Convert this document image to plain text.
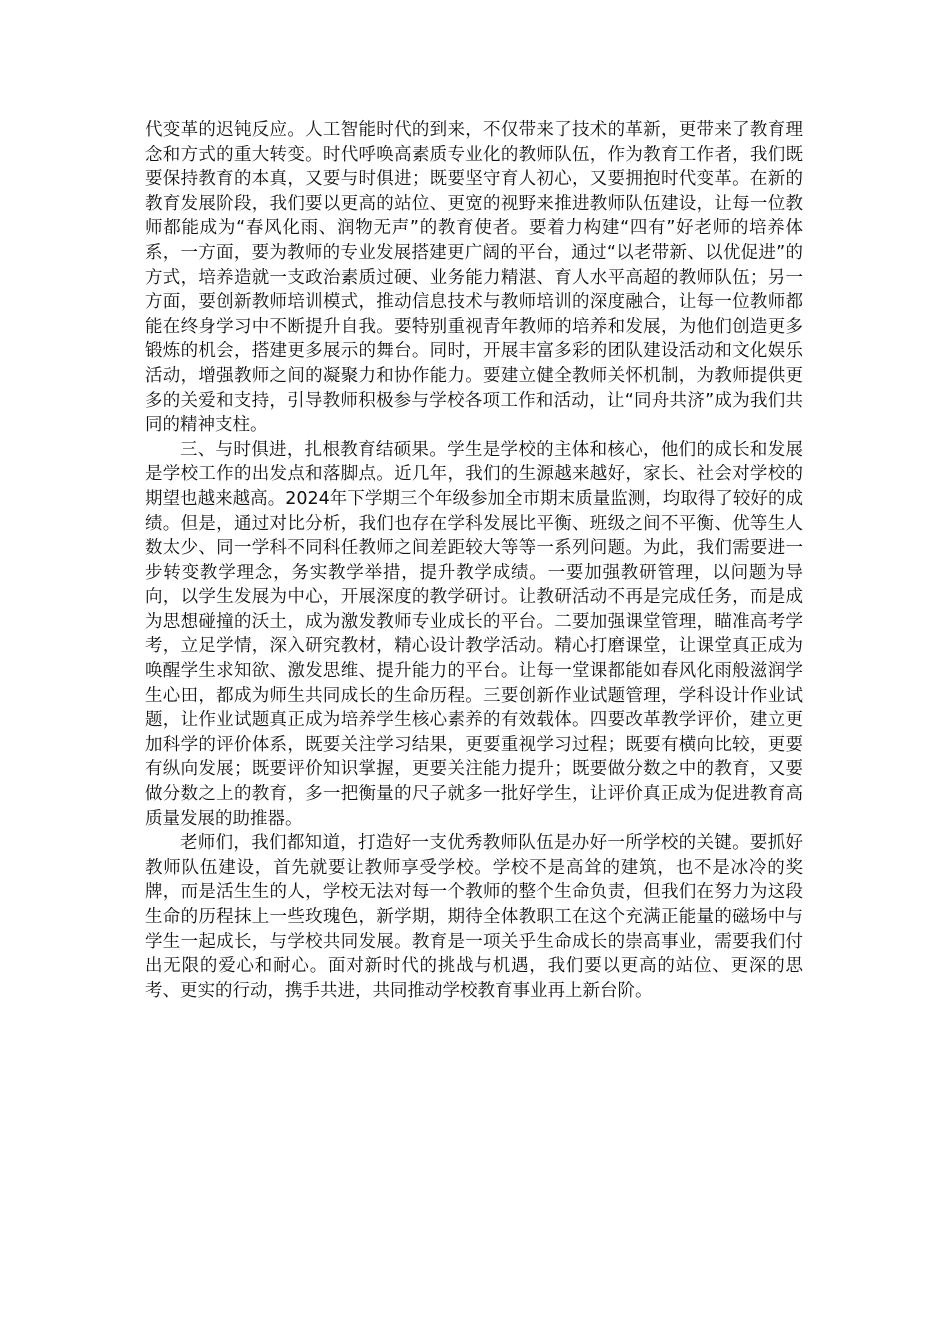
代变革的迟钝反应。人工智能时代的到来，不仅带来了技术的革新，更带来了教育理念和方式的重大转变。时代呼唤高素质专业化的教师队伍，作为教育工作者，我们既要保持教育的本真，又要与时俱进；既要坚守育人初心，又要拥抱时代变革。在新的教育发展阶段，我们要以更高的站位、更宽的视野来推进教师队伍建设，让每一位教师都能成为“春风化雨、润物无声”的教育使者。要着力构建“四有”好老师的培养体系，一方面，要为教师的专业发展搭建更广阔的平台，通过“以老带新、以优促进”的方式，培养造就一支政治素质过硬、业务能力精湛、育人水平高超的教师队伍；另一方面，要创新教师培训模式，推动信息技术与教师培训的深度融合，让每一位教师都能在终身学习中不断提升自我。要特别重视青年教师的培养和发展，为他们创造更多锻炼的机会，搭建更多展示的舞台。同时，开展丰富多彩的团队建设活动和文化娱乐活动，增强教师之间的凝聚力和协作能力。要建立健全教师关怀机制，为教师提供更多的关爱和支持，引导教师积极参与学校各项工作和活动，让“同舟共济”成为我们共同的精神支柱。

三、与时俱进，扎根教育结硕果。学生是学校的主体和核心，他们的成长和发展是学校工作的出发点和落脚点。近几年，我们的生源越来越好，家长、社会对学校的期望也越来越高。2024年下学期三个年级参加全市期末质量监测，均取得了较好的成绩。但是，通过对比分析，我们也存在学科发展比平衡、班级之间不平衡、优等生人数太少、同一学科不同科任教师之间差距较大等等一系列问题。为此，我们需要进一步转变教学理念，务实教学举措，提升教学成绩。一要加强教研管理，以问题为导向，以学生发展为中心，开展深度的教学研讨。让教研活动不再是完成任务，而是成为思想碰撞的沃土，成为激发教师专业成长的平台。二要加强课堂管理，瞄准高考学考，立足学情，深入研究教材，精心设计教学活动。精心打磨课堂，让课堂真正成为唤醒学生求知欲、激发思维、提升能力的平台。让每一堂课都能如春风化雨般滋润学生心田，都成为师生共同成长的生命历程。三要创新作业试题管理，学科设计作业试题，让作业试题真正成为培养学生核心素养的有效载体。四要改革教学评价，建立更加科学的评价体系，既要关注学习结果，更要重视学习过程；既要有横向比较，更要有纵向发展；既要评价知识掌握，更要关注能力提升；既要做分数之中的教育，又要做分数之上的教育，多一把衡量的尺子就多一批好学生，让评价真正成为促进教育高质量发展的助推器。

老师们，我们都知道，打造好一支优秀教师队伍是办好一所学校的关键。要抓好教师队伍建设，首先就要让教师享受学校。学校不是高耸的建筑，也不是冰冷的奖牌，而是活生生的人，学校无法对每一个教师的整个生命负责，但我们在努力为这段生命的历程抹上一些玫瑰色，新学期，期待全体教职工在这个充满正能量的磁场中与学生一起成长，与学校共同发展。教育是一项关乎生命成长的崇高事业，需要我们付出无限的爱心和耐心。面对新时代的挑战与机遇，我们要以更高的站位、更深的思考、更实的行动，携手共进，共同推动学校教育事业再上新台阶。
